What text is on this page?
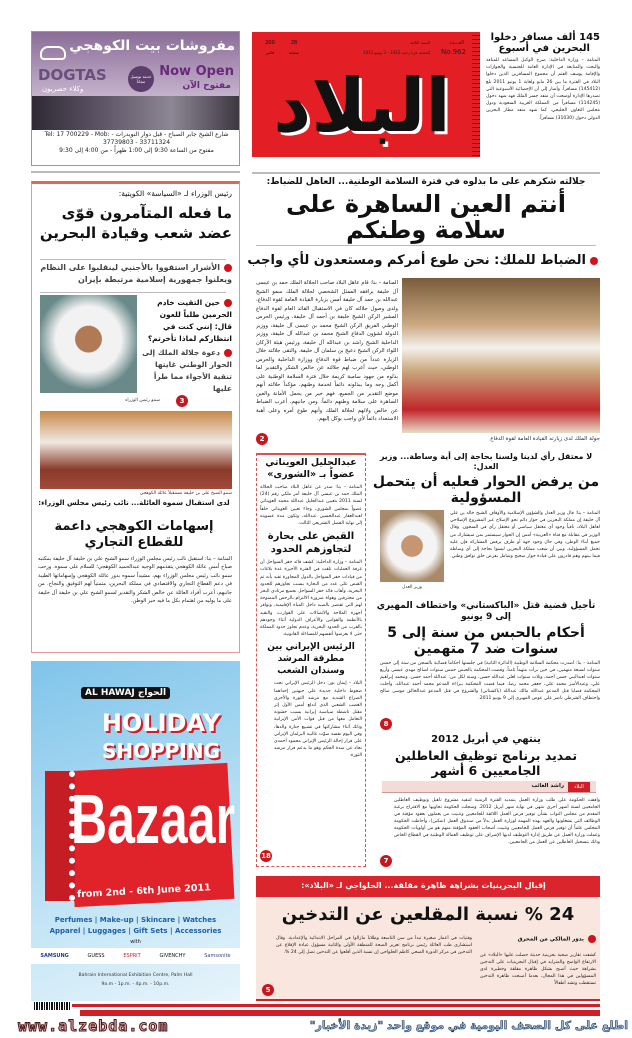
مفروشات بيت الكوهجي
DOGTAS
وكلاء حصريون
خدمة توصيل مجاناً
Now Open
مفتوح الآن
شارع الشيخ جابر الصباح - قبل دوار النويدرات - Tel: 17 700229 - Mob: 37739803 - 33711324
مفتوح من الساعة 9:30 إلى 1:00 ظهراً - من 4:00 إلى 9:30
العـــدد
No.962
السنة الثالثة
الجمعة غرة رجب 1432 - 3 يونيو 2011
28
صفحة
200
فلس
البلاد
145 ألف مسافر دخلوا
البحرين في أسبوع
المنامة – وزارة الداخلية: صرح الوكيل المساعد للمنافذ والبحث والمتابعة في الإدارة العامة للجنسية والجوازات والإقامة يوسف الفتم أن مجموع المسافرين الذين دخلوا البلاد في الفترة ما بين 26 مايو ولغاية 1 يونيو 2011 بلغ (145412) مسافراً. وأشار إلى أن الإحصائية الأسبوعية التي تصدرها الإدارة أوضحت أن منفذ جسر الملك فهد شهد دخول (114245) مسافراً من المملكة العربية السعودية ودول مجلس التعاون الخليجي، كما شهد منفذ مطار البحرين الدولي دخول (31030) مسافراً.
جلالته شكرهم على ما بذلوه في فترة السلامة الوطنية... العاهل للضباط:
أنتم العين الساهرة على سلامة وطنكم
الضباط للملك: نحن طوع أمركم ومستعدون لأي واجب
المنامة – بنا: قام عاهل البلاد صاحب الجلالة الملك حمد بن عيسى آل خليفة يرافقه الممثل الشخصي لجلالة الملك سمو الشيخ عبدالله بن حمد آل خليفة أمس بزيارة القيادة العامة لقوة الدفاع، ولدى وصول جلالته كان في الاستقبال القائد العام لقوة الدفاع المشير الركن الشيخ خليفة بن أحمد آل خليفة، ورئيس الحرس الوطني الفريق الركن الشيخ محمد بن عيسى آل خليفة، ووزير الدولة لشؤون الدفاع الشيخ محمد بن عبدالله آل خليفة، ووزير الداخلية الشيخ راشد بن عبدالله آل خليفة، ورئيس هيئة الأركان اللواء الركن الشيخ دعيج بن سلمان آل خليفة. والتقى جلالته خلال الزيارة عدداً من ضباط قوة الدفاع ووزارة الداخلية والحرس الوطني، حيث أعرب لهم جلالته عن خالص الشكر والتقدير لما بذلوه من جهود سامية كريمة خلال فترة السلامة الوطنية على أكمل وجه وما يبذلونه دائماً لخدمة وطنهم، مؤكداً جلالته أنهم موضع التقدير من الجميع، فهم خير من يحمل الأمانة والعين الساهرة على سلامة وطنهم دائماً. ومن جانبهم، أعرب الضباط عن خالص ولائهم لجلالة الملك وأنهم طوع أمره وعلى أهبة الاستعداد دائماً لأي واجب يوكل إليهم.
2	جولة الملك لدى زيارته القيادة العامة لقوة الدفاع
رئيس الوزراء لـ «السياسة» الكويتية:
ما فعله المتآمرون قوّى عضد شعب وقيادة البحرين
الأشرار استقووا بالأجنبي لينقلبوا على النظام ويعلنوا جمهورية إسلامية مرتبطة بإيران
حين التقيت خادم الحرمين طلباً للعون قال: إنني كنت في انتظاركم لماذا تأخرتم؟
دعوة جلالة الملك إلى الحوار الوطني غايتها تنقية الأجواء مما طرأ عليها
سمو رئيس الوزراء	3
سمو الشيخ علي بن خليفة مستقبلاً عائلة الكوهجي
لدى استقبال سموه العائلة... نائب رئيس مجلس الوزراء:
إسهامات الكوهجي داعمة للقطاع التجاري
المنامة – بنا: استقبل نائب رئيس مجلس الوزراء سمو الشيخ علي بن خليفة آل خليفة بمكتبه صباح أمس عائلة الكوهجي يتقدمهم الوجيه عبدالحميد الكوهجي؛ للسلام على سموه. ورحب سمو نائب رئيس مجلس الوزراء بهم، مشيداً سموه بدور عائلة الكوهجي وإسهاماتها الطيبة في دعم القطاع التجاري والاقتصادي في مملكة البحرين، متمنياً لهم التوفيق والنجاح. من جانبهم، أعرب أفراد العائلة عن خالص الشكر والتقدير لسمو الشيخ علي بن خليفة آل خليفة على ما يوليه من اهتمام بكل ما فيه خير الوطن.
AL HAWAJ الحواج
HOLIDAY
SHOPPING
Bazaar
from 2nd - 6th June 2011
Perfumes | Make-up | Skincare | Watches
Apparel | Luggages | Gift Sets | Accessories
with
SAMSUNG	GUESS	ESPRIT	GIVENCHY	Samsonite
Bahrain International Exhibition Centre, Palm Hall
9a.m - 1p.m. - 4p.m. - 10p.m.
عبدالجليل العويناتي عضواً بـ «الشورى»
المنامة – بنا: صدر عن عاهل البلاد صاحب الجلالة الملك حمد بن عيسى آل خليفة أمر ملكي رقم (24) لسنة 2011 بتعيين عبدالجليل عبدالله محمد العويناتي عضواً بمجلس الشورى، وجاء تعيين العويناتي خلفاً لعبدالغفار عبدالحسين عبدالله، وتكون مدة عضويته إلى نهاية الفصل التشريعي الثالث.
القبض على بحارة لتجاوزهم الحدود
المنامة – وزارة الداخلية: كشف قائد خفر السواحل أن غرفة العمليات تلقت في الفترة الأخيرة عدة بلاغات من قيادات خفر السواحل بالدول المجاورة تفيد بأنه تم القبض على عدد من البحارة بسبب تجاوزهم للحدود البحرية، وأهاب قائد خفر السواحل بجميع مرتادي البحر من محترفين وهواة ضرورة الالتزام بالرخص الممنوحة لهم التي تقتصر بالصيد داخل المياه الإقليمية، وتوافر أجهزة الملاحة والاتصالات على القوارب، والتقيد بالأنظمة والقوانين والأعراف الدولية أثناء وجودهم بالقرب من الحدود البحرية، وعدم تجاوز حدود المملكة حتى لا يعرضوا أنفسهم للمساءلة القانونية.
الرئيس الإيراني بين مطرقة المرشد وسندان الشعب
البلاد – إيمان نور: دخل الرئيس الإيراني تحت ضغوط داخلية جديدة على جبهتين إحداهما الصراع الشديد مع مرشد الثورة والأخرى الغضب الشعبي الذي اندلع أمس الأول إثر مقتل ناشطة سياسية إيرانية بسبب خشونة التعامل معها من قبل قوات الأمن الإيرانية وذلك أثناء مشاركتها في تشييع جنازة والدها، وفي اليوم نفسه صوّت غالبية البرلمان الإيراني على قرار إحالة الرئيس الإيراني محمود أحمدي نجاد عن سدة الحكم وهو ما يدعم قرار مرشد الثورة.
18
لا معتقل رأي لدينا ولسنا بحاجة إلى أية وساطة... وزير العدل:
من يرفض الحوار فعليه أن يتحمل المسؤولية
وزير العدل
المنامة – بنا: قال وزير العدل والشؤون الإسلامية والأوقاف الشيخ خالد بن علي آل خليفة إن مملكة البحرين في حوار دائم نحو الإصلاح عبر المشروع الإصلاحي لعاهل البلاد، نافياً وجود أي معتقل سياسي أو معتقل رأي في السجون. وقال الوزير في مقابلة مع قناة «العربية» أمس إن الحوار سيستمر بمن سيشارك من جميع أبناء الوطن، وفي حال وجود جهة أو طرف يرفض المشاركة فإن عليه تحمل المسؤولية. وبين أن شعب مملكة البحرين ليسوا بحاجة إلى أي وساطة فيما بينهم وهم قادرون على قيادة حوار صحيح وشامل بفرض خلق توافق وطني.
تأجيل قضية قتل «الباكستاني» واختطاف المهيري إلى 9 يونيو
أحكام بالحبس من سنة إلى 5 سنوات ضد 7 متهمين
المنامة – بنا: أصدرت محكمة السلامة الوطنية (الدائرة الثانية) في جلستها أحكاماً قضائية بالسجن من سنة إلى خمس سنوات لسبعة متهمين، في حين برأت متهماً ثامناً. وقضت المحكمة بالحبس خمس سنوات لصالح مهدي عيسى وأربع سنوات لعبدالنبي حسن أحمد، وثلاث سنوات لعلي عبدالله حسن، وسنة لكل من: عبدالله أحمد حسن، ومحمد إبراهيم علي، وعبدالأمير محمد علي، جعفر محمد رضا، فيما قضت المحكمة ببراءة المدعو محمد أحمد عبدالله. وأجلت المحكمة قضايا قتل المدعو عبدالله مالك عبدالله (باكستاني) والشروع في قتل المدعو عبدالخالق موسى صالح واختطاف الشرطي ناصر علي عوض المهيري إلى 9 يونيو 2011.
8
ينتهي في أبريل 2012
تمديد برنامج توظيف العاطلين الجامعيين 6 أشهر
البلاد
راشد الغائب
وافقت الحكومة على طلب وزارة العمل بتمديد الفترة الزمنية لتنفيذ مشروع تأهيل وتوظيف العاطلين الجامعيين لستة أشهر أخرى تنتهي في نهاية شهر أبريل 2012. وسجلت الحكومة تجاوبها مع الاقتراح برغبة المقدم من مجلس النواب بشأن توفير فرص العمل اللائقة للجامعيين وتثبيت من يعملون بعقود مؤقتة في الوظائف التي يشغلونها والعهد بهذه المهمة لوزارة العمل بدلاً من صندوق العمل (تمكين)، وأحاطت الحكومة المجلس علماً أن توفير فرص العمل للجامعيين وتثبيت أصحاب العقود المؤقتة منهم هو من أولويات الحكومة وعملت وزارة العمل عن طريق إدارة التوظيف لديها الإشراف على توظيف العمالة الوطنية في القطاع الخاص وذلك بتسجيل العاطلين عن العمل من الجامعيين.
7
إقبال البحرينيات بشراهة ظاهرة مقلقة... الحلواجي لـ «البلاد»:
24 % نسبة المقلعين عن التدخين
بدور المالكي من المحرق
كشفت تقارير صحية بحرينية حديثة حصلت عليها «البلاد» عن الارتفاع الواضح والمتزايد في إقبال البحرينيات على التدخين بشراهة حيث أصبح بشكل ظاهرة مقلقة وخطيرة لدى المسؤولين في هذا المجال، بعدما أصبحت ظاهرة التدخين تستقطب وتشد أطفالاً
وفتيات في أعمار صغيرة تبدأ من سن التاسعة وطلاباً مازالوا في المراحل الابتدائية والإعدادية. وقال استشاري طب العائلة رئيس برنامج تعزيز الصحة للمنطقة الأولى والثانية مسؤول عيادة الإقلاع عن التدخين في مركز الدورة الصحي كاظم الحلواجي إن نسبة الذين أقلعوا عن التدخين تصل إلى 24 %.
5
www.alzebda.com	اطلع على كل الصحف اليومية في موقع واحد "زبدة الأخبار"
